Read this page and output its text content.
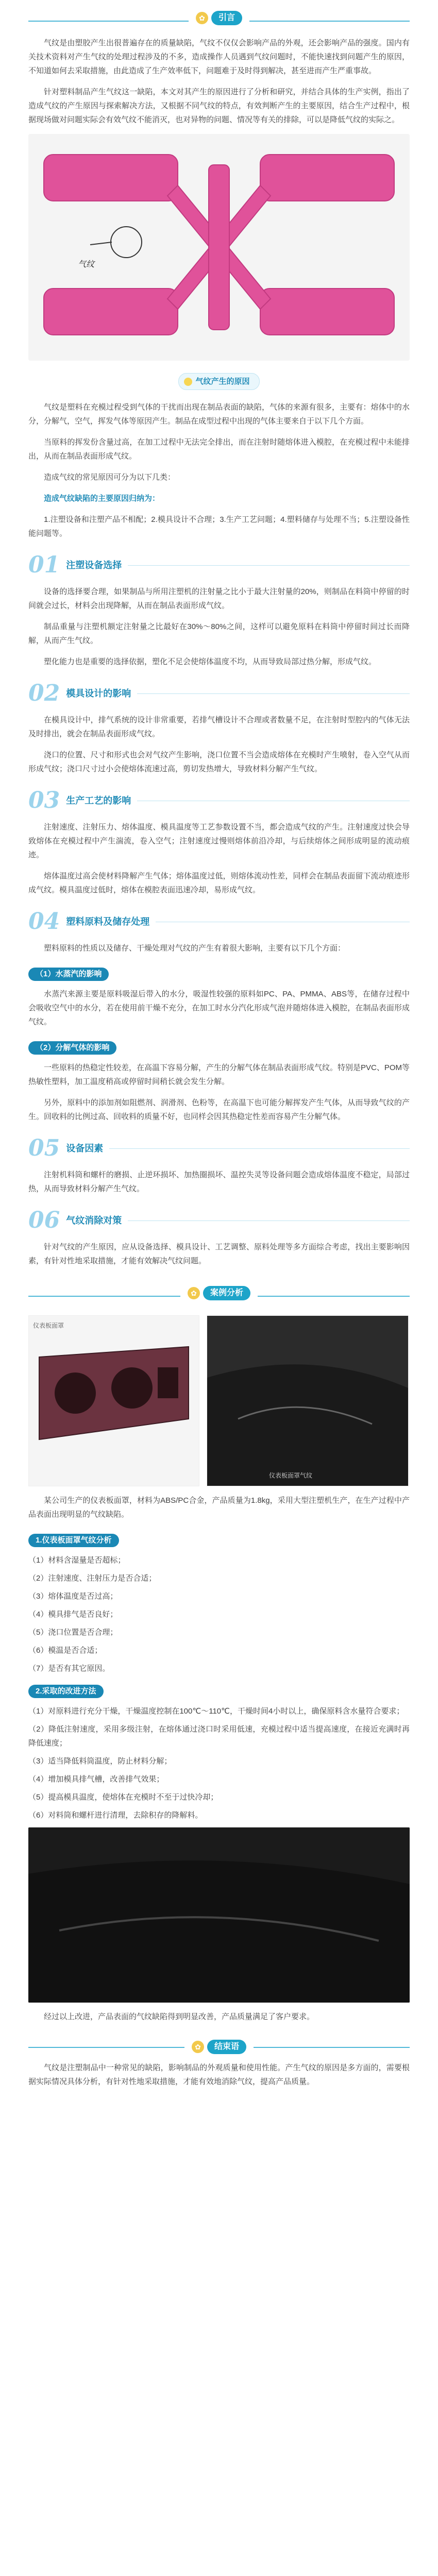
✿	引言

气纹是由塑胶产生出很普遍存在的质量缺陷，气纹不仅仅会影响产品的外观，还会影响产品的强度。国内有关技术资料对产生气纹的处理过程涉及的不多，造成操作人员遇到气纹问题时，不能快速找到问题产生的原因，不知道如何去采取措施，由此造成了生产效率低下，问题难于及时得到解决，甚至进而产生严重事故。

针对塑料制品产生气纹这一缺陷，本文对其产生的原因进行了分析和研究，并结合具体的生产实例，指出了造成气纹的产生原因与探索解决方法，又根据不同气纹的特点，有效判断产生的主要原因，结合生产过程中，根据现场做对问题实际会有效气纹不能消灭，也对异物的问题、情况等有关的排除，可以是降低气纹的实际之。

气纹
气纹产生的原因

气纹是塑料在充模过程受到气体的干扰而出现在制品表面的缺陷，气体的来源有很多，主要有：熔体中的水分，分解气，空气，挥发气体等原因产生。制品在成型过程中出现的气体主要来自于以下几个方面。

当原料的挥发份含量过高，在加工过程中无法完全排出，而在注射时随熔体进入模腔，在充模过程中未能排出，从而在制品表面形成气纹。

造成气纹的常见原因可分为以下几类：

造成气纹缺陷的主要原因归纳为：

1.注塑设备和注塑产品不相配；2.模具设计不合理；3.生产工艺问题；4.塑料储存与处理不当；5.注塑设备性能问题等。

01 注塑设备选择

设备的选择要合理，如果制品与所用注塑机的注射量之比小于最大注射量的20%，则制品在料筒中停留的时间就会过长，材料会出现降解，从而在制品表面形成气纹。

制品重量与注塑机额定注射量之比最好在30%～80%之间，这样可以避免原料在料筒中停留时间过长而降解，从而产生气纹。

塑化能力也是重要的选择依据，塑化不足会使熔体温度不均，从而导致局部过热分解，形成气纹。

02 模具设计的影响

在模具设计中，排气系统的设计非常重要，若排气槽设计不合理或者数量不足，在注射时型腔内的气体无法及时排出，就会在制品表面形成气纹。

浇口的位置、尺寸和形式也会对气纹产生影响，浇口位置不当会造成熔体在充模时产生喷射，卷入空气从而形成气纹；浇口尺寸过小会使熔体流速过高，剪切发热增大，导致材料分解产生气纹。

03 生产工艺的影响

注射速度、注射压力、熔体温度、模具温度等工艺参数设置不当，都会造成气纹的产生。注射速度过快会导致熔体在充模过程中产生湍流，卷入空气；注射速度过慢则熔体前沿冷却，与后续熔体之间形成明显的流动痕迹。

熔体温度过高会使材料降解产生气体；熔体温度过低，则熔体流动性差，同样会在制品表面留下流动痕迹形成气纹。模具温度过低时，熔体在模腔表面迅速冷却，易形成气纹。

04 塑料原料及储存处理

塑料原料的性质以及储存、干燥处理对气纹的产生有着很大影响，主要有以下几个方面：

（1）水蒸汽的影响

水蒸汽来源主要是原料吸湿后带入的水分，吸湿性较强的原料如PC、PA、PMMA、ABS等，在储存过程中会吸收空气中的水分，若在使用前干燥不充分，在加工时水分汽化形成气泡并随熔体进入模腔，在制品表面形成气纹。

（2）分解气体的影响

一些原料的热稳定性较差，在高温下容易分解，产生的分解气体在制品表面形成气纹。特别是PVC、POM等热敏性塑料，加工温度稍高或停留时间稍长就会发生分解。

另外，原料中的添加剂如阻燃剂、润滑剂、色粉等，在高温下也可能分解挥发产生气体，从而导致气纹的产生。回收料的比例过高、回收料的质量不好，也同样会因其热稳定性差而容易产生分解气体。

05 设备因素

注射机料筒和螺杆的磨损、止逆环损坏、加热圈损坏、温控失灵等设备问题会造成熔体温度不稳定，局部过热，从而导致材料分解产生气纹。

06 气纹消除对策

针对气纹的产生原因，应从设备选择、模具设计、工艺调整、原料处理等多方面综合考虑，找出主要影响因素，有针对性地采取措施，才能有效解决气纹问题。

✿	案例分析
仪表板面罩
仪表板面罩气纹

某公司生产的仪表板面罩，材料为ABS/PC合金，产品质量为1.8kg，采用大型注塑机生产，在生产过程中产品表面出现明显的气纹缺陷。

1.仪表板面罩气纹分析

（1）材料含湿量是否超标；

（2）注射速度、注射压力是否合适；

（3）熔体温度是否过高；

（4）模具排气是否良好；

（5）浇口位置是否合理；

（6）模温是否合适；

（7）是否有其它原因。

2.采取的改进方法

（1）对原料进行充分干燥，干燥温度控制在100℃～110℃，干燥时间4小时以上，确保原料含水量符合要求；

（2）降低注射速度，采用多级注射，在熔体通过浇口时采用低速，充模过程中适当提高速度，在接近充满时再降低速度；

（3）适当降低料筒温度，防止材料分解；

（4）增加模具排气槽，改善排气效果；

（5）提高模具温度，使熔体在充模时不至于过快冷却；

（6）对料筒和螺杆进行清理，去除积存的降解料。

经过以上改进，产品表面的气纹缺陷得到明显改善，产品质量满足了客户要求。

✿	结束语

气纹是注塑制品中一种常见的缺陷，影响制品的外观质量和使用性能。产生气纹的原因是多方面的，需要根据实际情况具体分析，有针对性地采取措施，才能有效地消除气纹，提高产品质量。
